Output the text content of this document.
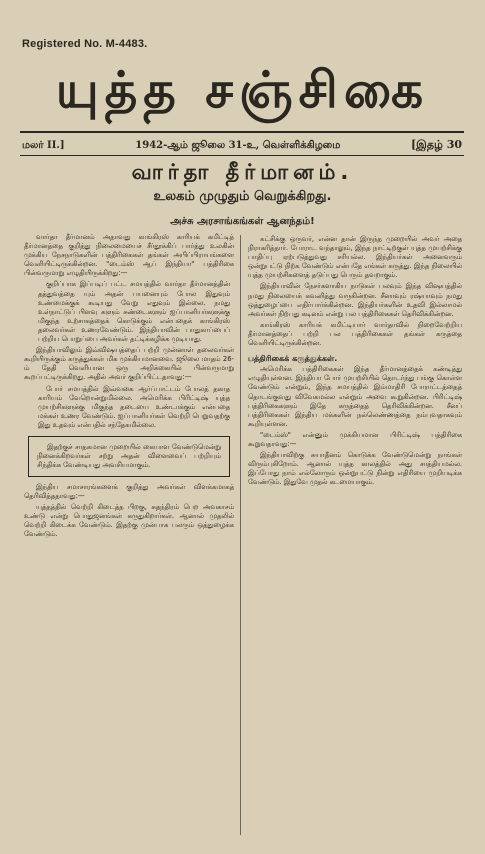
Registered No. M-4483.
யுத்த சஞ்சிகை
மலர் II.]	1942-ஆம் ஜூலை 31-உ, வெள்ளிக்கிழமை	[இதழ் 30
வார்தா தீர்மானம்.
உலகம் முழுதும் வெறுக்கிறது.
அச்சு அரசாங்கங்கள் ஆனந்தம்!

வார்தா தீர்மானம் அதாவது காங்கிரஸ் காரியக் கமிட்டித் தீர்மானத்தை குறித்து நிலைமையைச் சீர்தூக்கிப் பார்த்து உலகின் முக்கிய நேசநாடுகளின் பத்திரிகைகள் தங்கள் அபிப்பிராயங்களை வெளியிட்டிருக்கின்றன. "டைம்ஸ் ஆப் இந்தியா" பத்திரிகை பின்வருமாறு எழுதியிருக்கிறது:—

குறிப்பாக இப்படிப் பட்ட சமயத்தில் வார்தா தீர்மானத்தின் தத்துவத்தை யும் அதன் பயனையும் போல இதுவும் உண்மைக்குக் கூடியது வேறு எதுவும் இல்லை. நமது உள்நாட்டுப் பிளவு களும் சண்டைகளும் ஐப்பானியர்களுக்கு மிகுந்த உற்சாகத்தைக் கொடுக்கும் என்பதைக் காங்கிரஸ் தலைவர்கள் உணரவேண்டும். இந்தியாவின் பாதுகாப்பைப் பற்றிய பொறுப்பை அவர்கள் தட்டிக்கழிக்க முடியாது.

இந்தியாவிலும் இவ்விஷயத்தைப் பற்றி முன்னாள் தலைவர்கள் கூறியிருக்கும் கருத்துக்கள் மிக முக்கியமானவை. ஜூலை மாதம் 26-ம் தேதி வெளியான ஒரு அறிக்கையில் பின்வருமாறு கூறப்பட்டிருக்கிறது. அதில் அவர் குறிப்பிட்டதாவது:—

போர் சமயத்தில் இவ்வகை ஆர்ப்பாட்டம் போலத் தகாத காரியம் வேறொன்றுமில்லை. அமெரிக்க பிரிட்டிஷ் யுத்த முயற்சிகளுக்கு மிகுந்த தடையை உண்டாக்கும் என்பதை மக்கள் உணர வேண்டும். ஐப்பானியர்கள் வெற்றி பெறுவதற்கு இது உதவும் என்பதில் சந்தேகமில்லை.

இதற்குச் சாதகமான முறையில் கையாள வேண்டுமென்று நினைக்கிறவர்கள் சற்று அதன் விளைவைப் பற்றியும் சிந்திக்க வேண்டியது அவசியமாகும்.

இந்திய சமாசாரங்களைக் குறித்து அவர்கள் விளக்கமாகத் தெரிவித்ததாவது:—

யுத்தத்தில் வெற்றி கிடைத்த பிறகு, சுதந்திரம் பெற அவகாசம் உண்டு என்று பொதுஜனங்கள் கருதுகிறார்கள். ஆனால் முதலில் வெற்றி கிடைக்க வேண்டும். இதற்கு முன்பாக பலரும் ஒத்துழைக்க வேண்டும்.

கட்சிக்கு ஒருவர், என்ன தான் இருந்த முறையில் அவர் அதை நிராகரித்தார். போராட வந்தாலும், இந்த நாட்டிற்குள் யுத்த முயற்சிக்கு பாதிப்பு ஏற்படுத்துவது சரியல்ல. இந்தியர்கள் அனைவரும் ஒன்றுபட்டு நிற்க வேண்டும் என்பதே எங்கள் கருத்து. இந்த நிலையில் யுத்த முயற்சிகளைத் தடுப்பது பெரும் தவறாகும்.

இந்தியாவின் நேசர்களாகிய நாடுகள் பலவும் இந்த விஷயத்தில் நமது நிலையைக் கவனித்து வருகின்றன. சீனாவும் ரஷ்யாவும் நமது ஒத்துழைப்பை எதிர்பார்க்கின்றன. இந்தியர்களின் உதவி இல்லாமல் அவர்கள் நிற்பது கடினம் என்று பல பத்திரிகைகள் தெரிவிக்கின்றன.

காங்கிரஸ் காரியக் கமிட்டியார் வார்தாவில் நிறைவேற்றிய தீர்மானத்தைப் பற்றி பல பத்திரிகைகள் தங்கள் கருத்தை வெளியிட்டிருக்கின்றன.

பத்திரிகைக் கருத்துக்கள்.

அமெரிக்க பத்திரிகைகள் இந்த தீர்மானத்தைக் கண்டித்து எழுதியுள்ளன. இந்தியா போர் முயற்சியில் தொடர்ந்து பங்கு கொள்ள வேண்டும் என்றும், இந்த சமயத்தில் இம்மாதிரி போராட்டத்தைத் தொடங்குவது விவேகமல்ல என்றும் அவை கூறுகின்றன. பிரிட்டிஷ் பத்திரிகைகளும் இதே கருத்தைத் தெரிவிக்கின்றன. சீனப் பத்திரிகைகள் இந்திய மக்களின் நல்லெண்ணத்தை நம்புவதாகவும் கூறியுள்ளன.

"டைம்ஸ்" என்னும் முக்கியமான பிரிட்டிஷ் பத்திரிகை கூறுவதாவது:—

இந்தியாவிற்கு சுயாதீனம் கொடுக்க வேண்டுமென்று நாங்கள் விரும்புகிறோம். ஆனால் யுத்த காலத்தில் அது சாத்தியமல்ல. இப்போது நாம் எல்லோரும் ஒன்றுபட்டு நின்று எதிரியை முறியடிக்க வேண்டும். இதுவே முதல் கடமையாகும்.
